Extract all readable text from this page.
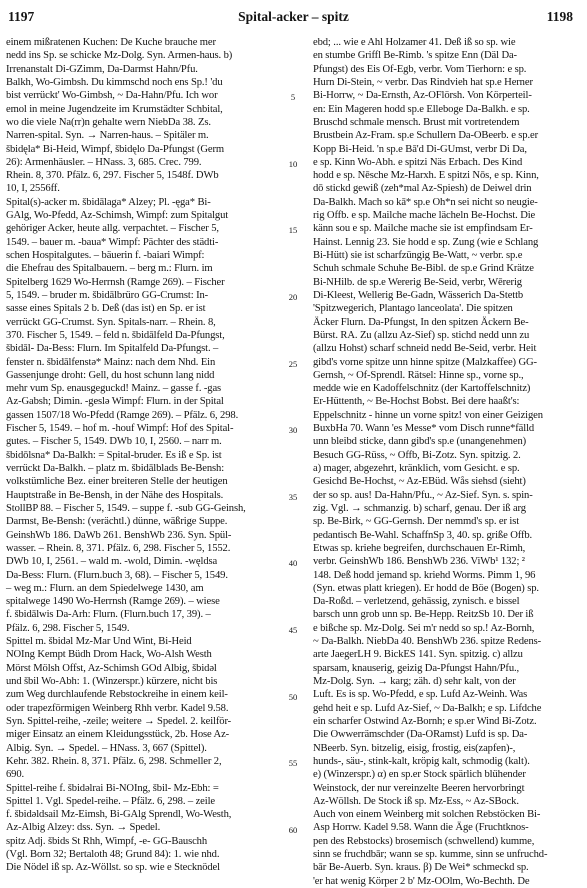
1197	Spital-acker – spitz	1198
einem mißratenen Kuchen: De Kuche brauche mer
nedd ins Sp. se schicke Mz-Dolg. Syn. Armen-haus. b)
Irrenanstalt Di-GZimm, Da-Darmst Hahn/Pfu.
Balkh, Wo-Gimbsh. Du kimmschd noch ens Sp.! 'du
bist verrückt' Wo-Gimbsh, ~ Da-Hahn/Pfu. Ich wor
emol in meine Jugendzeite im Krumstädter Schbital,
wo die viele Na(rr)n gehalte wern NiebDa 38. Zs.
Narren-spital. Syn. → Narren-haus. – Spitäler m.
šbidęla* Bi-Heid, Wimpf, šbidęlo Da-Pfungst (Germ
26): Armenhäusler. – HNass. 3, 685. Crec. 799.
Rhein. 8, 370. Pfälz. 6, 297. Fischer 5, 1548f. DWb
10, I, 2556ff.
Spital(s)-acker m. šbidālaga* Alzey; Pl. -ęga* Bi-
GAlg, Wo-Pfedd, Az-Schimsh, Wimpf: zum Spitalgut
gehöriger Acker, heute allg. verpachtet. – Fischer 5,
1549. – bauer m. -baua* Wimpf: Pächter des städti-
schen Hospitalgutes. – bäuerin f. -baiari Wimpf:
die Ehefrau des Spitalbauern. – berg m.: Flurn. im
Spitelberg 1629 Wo-Herrnsh (Ramge 269). – Fischer
5, 1549. – bruder m. šbidālbrüro GG-Crumst: In-
sasse eines Spitals 2 b. Deß (das ist) en Sp. er ist
verrückt GG-Crumst. Syn. Spitals-narr. – Rhein. 8,
370. Fischer 5, 1549. – feld n. šbidālfeld Da-Pfungst,
šbidāl- Da-Bess: Flurn. Im Spitalfeld Da-Pfungst. –
fenster n. šbidālfenstə* Mainz: nach dem Nhd. Ein
Gassenjunge droht: Gell, du host schunn lang nidd
mehr vum Sp. enausgeguckd! Mainz. – gasse f. -gas
Az-Gabsh; Dimin. -geslə Wimpf: Flurn. in der Spital
gassen 1507/18 Wo-Pfedd (Ramge 269). – Pfälz. 6, 298.
Fischer 5, 1549. – hof m. -houf Wimpf: Hof des Spital-
gutes. – Fischer 5, 1549. DWb 10, I, 2560. – narr m.
šbidōlsna* Da-Balkh: = Spital-bruder. Es iß e Sp. ist
verrückt Da-Balkh. – platz m. šbidālblads Be-Bensh:
volkstümliche Bez. einer breiteren Stelle der heutigen
Hauptstraße in Be-Bensh, in der Nähe des Hospitals.
StollBP 88. – Fischer 5, 1549. – suppe f. -sub GG-Geinsh,
Darmst, Be-Bensh: (verächtl.) dünne, wäßrige Suppe.
GeinshWb 186. DaWb 261. BenshWb 236. Syn. Spül-
wasser. – Rhein. 8, 371. Pfälz. 6, 298. Fischer 5, 1552.
DWb 10, I, 2561. – wald m. -wold, Dimin. -węldsa
Da-Bess: Flurn. (Flurn.buch 3, 68). – Fischer 5, 1549.
– weg m.: Flurn. an dem Spiedelwege 1430, am
spitalwege 1490 Wo-Herrnsh (Ramge 269). – wiese
f. šbidālwis Da-Arh: Flurn. (Flurn.buch 17, 39). –
Pfälz. 6, 298. Fischer 5, 1549.
Spittel m. šbidəl Mz-Mar Und Wint, Bi-Heid
NOIng Kempt Büdh Drom Hack, Wo-Alsh Westh
Mörst Mölsh Offst, Az-Schimsh GOd Albig, šbidəl
und šbil Wo-Abh: 1. (Winzerspr.) kürzere, nicht bis
zum Weg durchlaufende Rebstockreihe in einem keil-
oder trapezförmigen Weinberg Rhh verbr. Kadel 9.58.
Syn. Spittel-reihe, -zeile; weitere → Spedel. 2. keilför-
miger Einsatz an einem Kleidungsstück, 2b. Hose Az-
Albig. Syn. → Spedel. – HNass. 3, 667 (Spittel).
Kehr. 382. Rhein. 8, 371. Pfälz. 6, 298. Schmeller 2,
690.
Spittel-reihe f. šbidəlrai Bi-NOIng, šbil- Mz-Ebh: =
Spittel 1. Vgl. Spedel-reihe. – Pfälz. 6, 298. – zeile
f. šbidəldsail Mz-Eimsh, Bi-GAlg Sprendl, Wo-Westh,
Az-Albig Alzey: dss. Syn. → Spedel.
spitz Adj. šbids St Rhh, Wimpf, -e- GG-Bauschh
(Vgl. Born 32; Bertaloth 48; Grund 84): 1. wie nhd.
Die Nödel iß sp. Az-Wöllst. so sp. wie e Stecknödel
5
10
15
20
25
30
35
40
45
50
55
60
ebd; ... wie e Ahl Holzamer 41. Deß iß so sp. wie
en stumbe Griffl Be-Rimb. 's spitze Enn (Däl Da-
Pfungst) des Eis Of-Egb, verbr. Vom Tierhorn: e sp.
Hurn Di-Stein, ~ verbr. Das Rindvieh hat sp.e Herner
Bi-Horrw, ~ Da-Ernsth, Az-OFlörsh. Von Körperteil-
en: Ein Mageren hodd sp.e Elleboge Da-Balkh. e sp.
Bruschd schmale mensch. Brust mit vortretendem
Brustbein Az-Fram. sp.e Schullern Da-OBeerb. e sp.er
Kopp Bi-Heid. 'n sp.e Bā'd Di-GUmst, verbr Di Da,
e sp. Kinn Wo-Abh. e spitzi Näs Erbach. Des Kind
hodd e sp. Nēsche Mz-Harxh. E spitzi Nōs, e sp. Kinn,
dō stickd gewiß (zeh*mal Az-Spiesh) de Deiwel drin
Da-Balkh. Mach so kā* sp.e Oh*n sei nicht so neugie-
rig Offb. e sp. Mailche mache lächeln Be-Hochst. Die
känn sou e sp. Mailche mache sie ist empfindsam Er-
Hainst. Lennig 23. Sie hodd e sp. Zung (wie e Schlang
Bi-Hütt) sie ist scharfzüngig Be-Watt, ~ verbr. sp.e
Schuh schmale Schuhe Be-Bibl. de sp.e Grind Krätze
Bi-NHilb. de sp.e Wererig Be-Seid, verbr, Wērerig
Di-Kleest, Wellerig Be-Gadn, Wässerich Da-Stettb
'Spitzwegerich, Plantago lanceolata'. Die spitzen
Äcker Flurn. Da-Pfungst, In den spitzen Äckern Be-
Bürst. RA. Zu (allzu Az-Sief) sp. stichd nedd unn zu
(allzu Hohst) scharf schneid nedd Be-Seid, verbr. Heit
gibd's vorne spitze unn hinne spitze (Malzkaffee) GG-
Gernsh, ~ Of-Sprendl. Rätsel: Hinne sp., vorne sp.,
medde wie en Kadoffelschnitz (der Kartoffelschnitz)
Er-Hüttenth, ~ Be-Hochst Bobst. Bei dere haaßt's:
Eppelschnitz - hinne un vorne spitz! von einer Geizigen
BuxbHa 70. Wann 'es Messe* vom Disch runne*fälld
unn bleibd sticke, dann gibd's sp.e (unangenehmen)
Besuch GG-Rüss, ~ Offb, Bi-Zotz. Syn. spitzig. 2.
a) mager, abgezehrt, kränklich, vom Gesicht. e sp.
Gesichd Be-Hochst, ~ Az-EBüd. Wås siehsd (sieht)
der so sp. aus! Da-Hahn/Pfu., ~ Az-Sief. Syn. s. spin-
zig. Vgl. → schmanzig. b) scharf, genau. Der iß arg
sp. Be-Birk, ~ GG-Gernsh. Der nemmd's sp. er ist
pedantisch Be-Wahl. SchaffnSp 3, 40. sp. griße Offb.
Etwas sp. kriehe begreifen, durchschauen Er-Rimh,
verbr. GeinshWb 186. BenshWb 236. ViWb¹ 132; ²
148. Deß hodd jemand sp. kriehd Worms. Pimm 1, 96
(Syn. etwas platt kriegen). Er hodd de Böe (Bogen) sp.
Da-Roßd. – verletzend, gehässig, zynisch. e bissel
barsch unn grob unn sp. Be-Hepp. ReitzSb 10. Der iß
e bißche sp. Mz-Dolg. Sei m'r nedd so sp.! Az-Bornh,
~ Da-Balkh. NiebDa 40. BenshWb 236. spitze Redens-
arte JaegerLH 9. BickES 141. Syn. spitzig. c) allzu
sparsam, knauserig, geizig Da-Pfungst Hahn/Pfu.,
Mz-Dolg. Syn. → karg; zäh. d) sehr kalt, von der
Luft. Es is sp. Wo-Pfedd, e sp. Lufd Az-Weinh. Was
gehd heit e sp. Lufd Az-Sief, ~ Da-Balkh; e sp. Lifdche
ein scharfer Ostwind Az-Bornh; e sp.er Wind Bi-Zotz.
Die Owwerrämschder (Da-ORamst) Lufd is sp. Da-
NBeerb. Syn. bitzelig, eisig, frostig, eis(zapfen)-,
hunds-, säu-, stink-kalt, kröpig kalt, schmodig (kalt).
e) (Winzerspr.) α) en sp.er Stock spärlich blühender
Weinstock, der nur vereinzelte Beeren hervorbringt
Az-Wöllsh. De Stock iß sp. Mz-Ess, ~ Az-SBock.
Auch von einem Weinberg mit solchen Rebstöcken Bi-
Asp Horrw. Kadel 9.58. Wann die Äge (Fruchtknos-
pen des Rebstocks) brosemisch (schwellend) kumme,
sinn se fruchdbār; wann se sp. kumme, sinn se unfruchd-
bār Be-Auerb. Syn. kraus. β) De Wei* schmeckd sp.
'er hat wenig Körper 2 b' Mz-OOlm, Wo-Bechth. De
